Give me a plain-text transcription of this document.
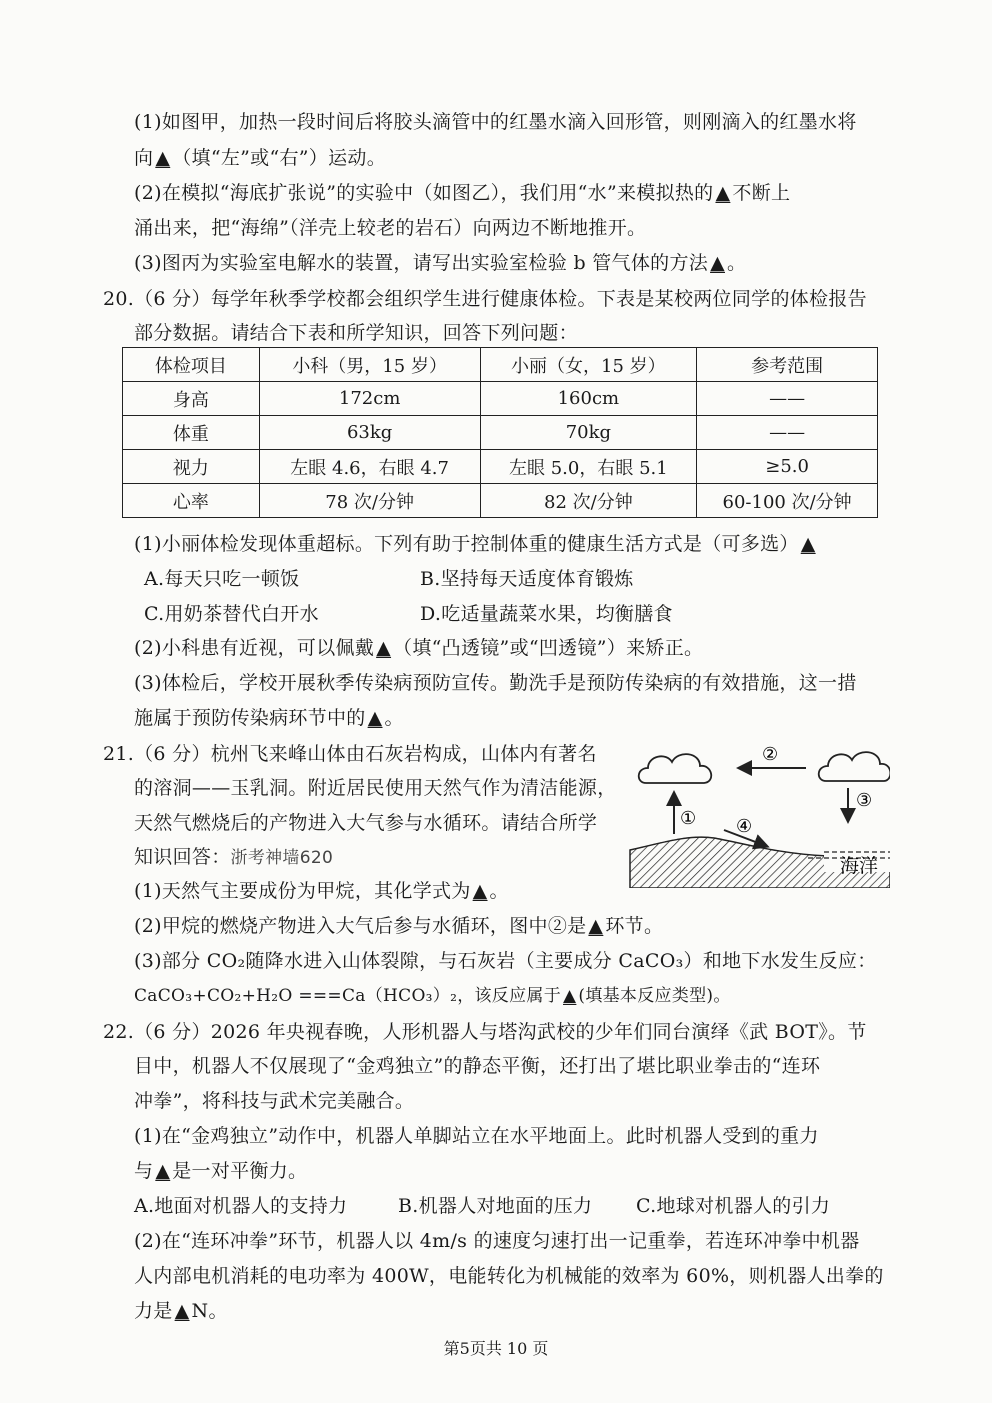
(1)如图甲，加热一段时间后将胶头滴管中的红墨水滴入回形管，则刚滴入的红墨水将
向 ▲ （填“左”或“右”）运动。
(2)在模拟“海底扩张说”的实验中（如图乙），我们用“水”来模拟热的 ▲ 不断上
涌出来，把“海绵”（洋壳上较老的岩石）向两边不断地推开。
(3)图丙为实验室电解水的装置，请写出实验室检验 b 管气体的方法 ▲ 。
20.（6 分）每学年秋季学校都会组织学生进行健康体检。下表是某校两位同学的体检报告
部分数据。请结合下表和所学知识，回答下列问题：
体检项目	小科（男，15 岁）	小丽（女，15 岁）	参考范围
身高	172cm	160cm	——
体重	63kg	70kg	——
视力	左眼 4.6，右眼 4.7	左眼 5.0，右眼 5.1	≥5.0
心率	78 次/分钟	82 次/分钟	60-100 次/分钟
(1)小丽体检发现体重超标。下列有助于控制体重的健康生活方式是（可多选） ▲
A.每天只吃一顿饭	B.坚持每天适度体育锻炼
C.用奶茶替代白开水	D.吃适量蔬菜水果，均衡膳食
(2)小科患有近视，可以佩戴 ▲ （填“凸透镜”或“凹透镜”）来矫正。
(3)体检后，学校开展秋季传染病预防宣传。勤洗手是预防传染病的有效措施，这一措
施属于预防传染病环节中的 ▲ 。
21.（6 分）杭州飞来峰山体由石灰岩构成，山体内有著名
的溶洞——玉乳洞。附近居民使用天然气作为清洁能源，
天然气燃烧后的产物进入大气参与水循环。请结合所学
知识回答：浙考神墙620
②
①
③
④
海洋
(1)天然气主要成份为甲烷，其化学式为 ▲ 。
(2)甲烷的燃烧产物进入大气后参与水循环，图中②是 ▲ 环节。
(3)部分 CO₂随降水进入山体裂隙，与石灰岩（主要成分 CaCO₃）和地下水发生反应：
CaCO₃+CO₂+H₂O ===Ca（HCO₃）₂，该反应属于 ▲ (填基本反应类型)。
22.（6 分）2026 年央视春晚，人形机器人与塔沟武校的少年们同台演绎《武 BOT》。节
目中，机器人不仅展现了“金鸡独立”的静态平衡，还打出了堪比职业拳击的“连环
冲拳”，将科技与武术完美融合。
(1)在“金鸡独立”动作中，机器人单脚站立在水平地面上。此时机器人受到的重力
与 ▲ 是一对平衡力。
A.地面对机器人的支持力	B.机器人对地面的压力 C.地球对机器人的引力
(2)在“连环冲拳”环节，机器人以 4m/s 的速度匀速打出一记重拳，若连环冲拳中机器
人内部电机消耗的电功率为 400W，电能转化为机械能的效率为 60%，则机器人出拳的
力是 ▲ N。
第5页共 10 页
